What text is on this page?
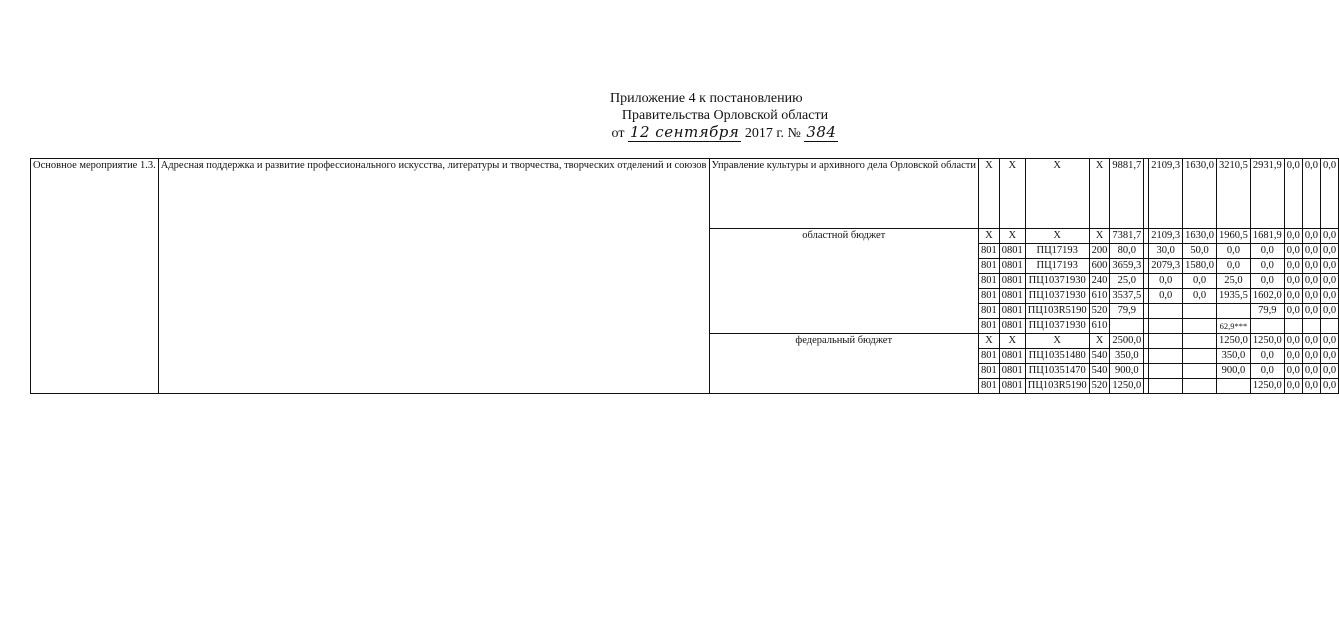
Приложение 4 к постановлению
Правительства Орловской области
от 12 сентября 2017 г. № 384
Основное мероприятие 1.3.	Адресная поддержка и развитие профессионального искусства, литературы и творчества, творческих отделений и союзов	Управление культуры и архивного дела Орловской области	Х	Х	Х	Х	9881,7		2109,3	1630,0	3210,5	2931,9	0,0	0,0	0,0
		областной бюджет	Х	Х	Х	Х	7381,7		2109,3	1630,0	1960,5	1681,9	0,0	0,0	0,0
			801	0801	ПЦ17193	200	80,0		30,0	50,0	0,0	0,0	0,0	0,0	0,0
			801	0801	ПЦ17193	600	3659,3		2079,3	1580,0	0,0	0,0	0,0	0,0	0,0
			801	0801	ПЦ10371930	240	25,0		0,0	0,0	25,0	0,0	0,0	0,0	0,0
			801	0801	ПЦ10371930	610	3537,5		0,0	0,0	1935,5	1602,0	0,0	0,0	0,0
			801	0801	ПЦ103R5190	520	79,9					79,9	0,0	0,0	0,0
			801	0801	ПЦ10371930	610					62,9***				
		федеральный бюджет	Х	Х	Х	Х	2500,0				1250,0	1250,0	0,0	0,0	0,0
			801	0801	ПЦ10351480	540	350,0				350,0	0,0	0,0	0,0	0,0
			801	0801	ПЦ10351470	540	900,0				900,0	0,0	0,0	0,0	0,0
			801	0801	ПЦ103R5190	520	1250,0					1250,0	0,0	0,0	0,0
